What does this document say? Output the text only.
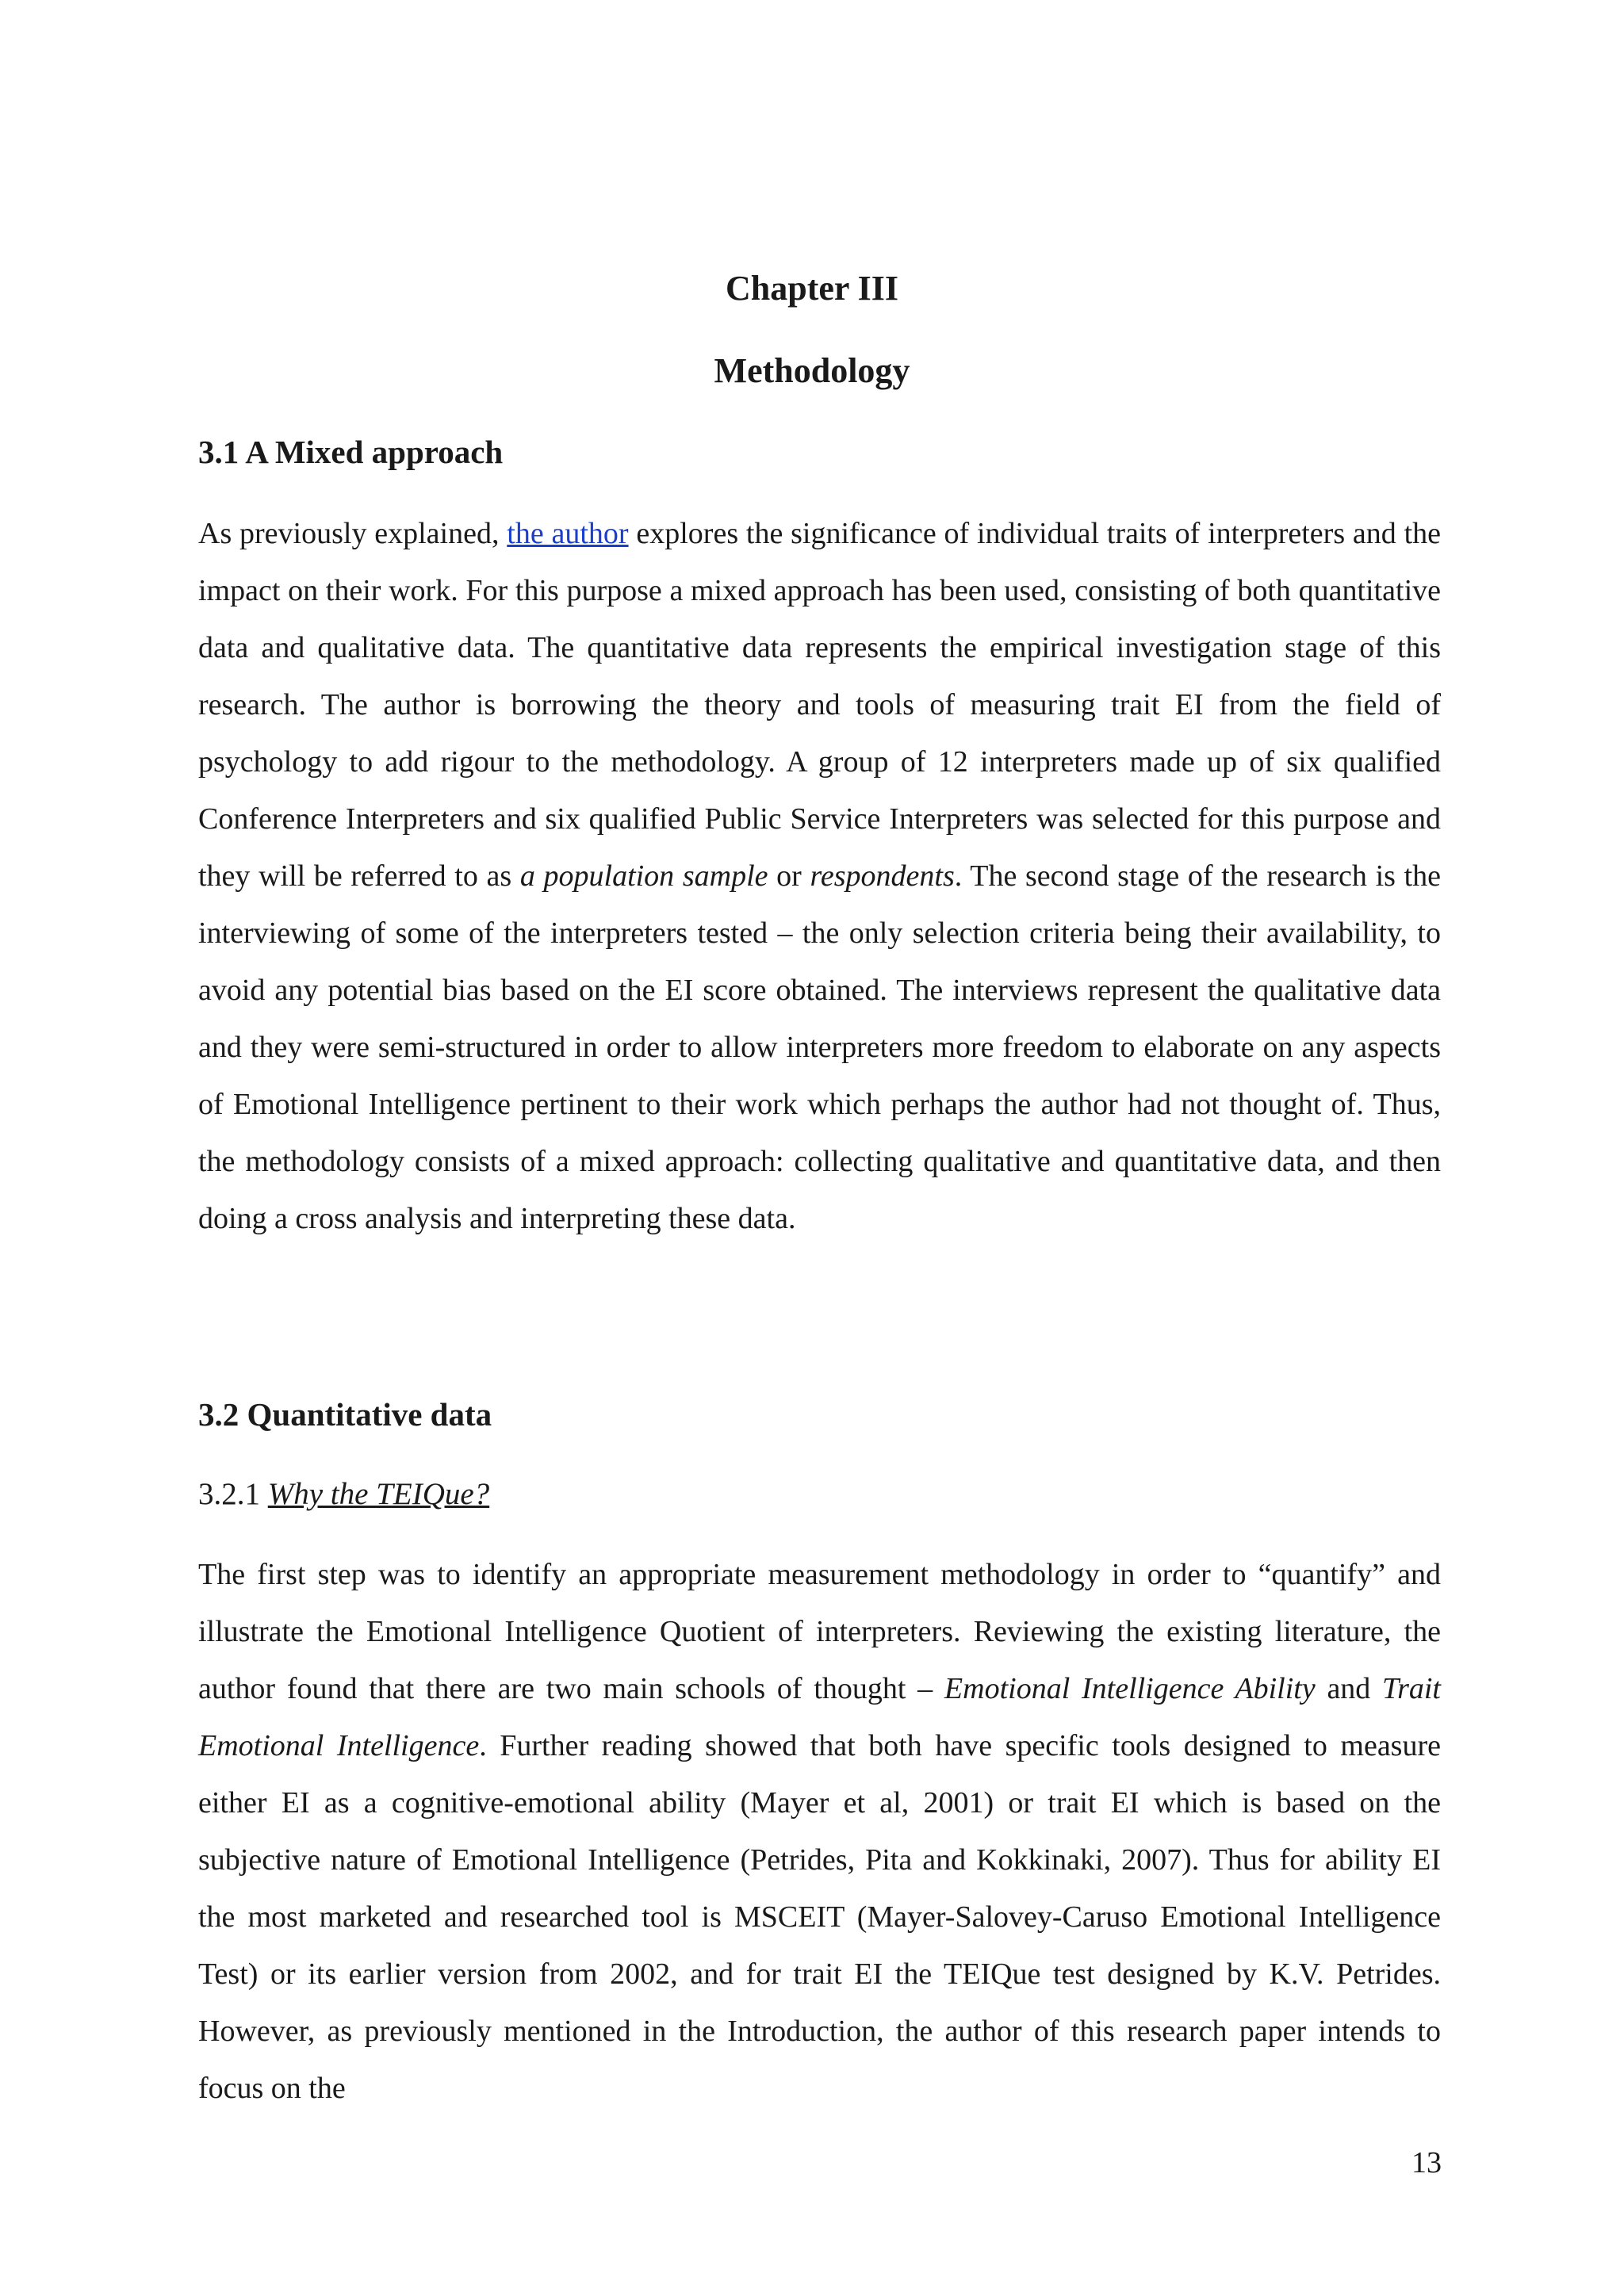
Chapter III
Methodology
3.1 A Mixed approach

As previously explained, the author explores the significance of individual traits of interpreters and the impact on their work. For this purpose a mixed approach has been used, consisting of both quantitative data and qualitative data. The quantitative data represents the empirical investigation stage of this research. The author is borrowing the theory and tools of measuring trait EI from the field of psychology to add rigour to the methodology. A group of 12 interpreters made up of six qualified Conference Interpreters and six qualified Public Service Interpreters was selected for this purpose and they will be referred to as a population sample or respondents. The second stage of the research is the interviewing of some of the interpreters tested – the only selection criteria being their availability, to avoid any potential bias based on the EI score obtained. The interviews represent the qualitative data and they were semi-structured in order to allow interpreters more freedom to elaborate on any aspects of Emotional Intelligence pertinent to their work which perhaps the author had not thought of. Thus, the methodology consists of a mixed approach: collecting qualitative and quantitative data, and then doing a cross analysis and interpreting these data.

3.2 Quantitative data
3.2.1 Why the TEIQue?

The first step was to identify an appropriate measurement methodology in order to “quantify” and illustrate the Emotional Intelligence Quotient of interpreters. Reviewing the existing literature, the author found that there are two main schools of thought – Emotional Intelligence Ability and Trait Emotional Intelligence. Further reading showed that both have specific tools designed to measure either EI as a cognitive-emotional ability (Mayer et al, 2001) or trait EI which is based on the subjective nature of Emotional Intelligence (Petrides, Pita and Kokkinaki, 2007). Thus for ability EI the most marketed and researched tool is MSCEIT (Mayer-Salovey-Caruso Emotional Intelligence Test) or its earlier version from 2002, and for trait EI the TEIQue test designed by K.V. Petrides. However, as previously mentioned in the Introduction, the author of this research paper intends to focus on the

13
